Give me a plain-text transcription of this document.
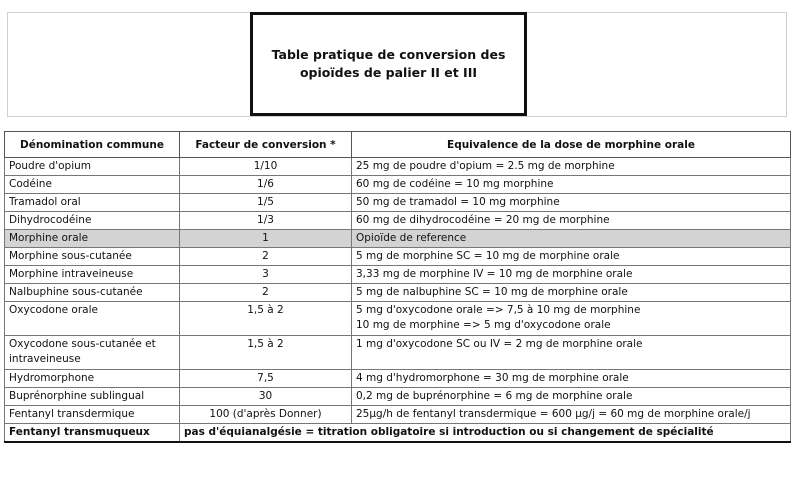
Table pratique de conversion des
opioïdes de palier II et III
Dénomination commune	Facteur de conversion *	Equivalence de la dose de morphine orale
Poudre d'opium	1/10	25 mg de poudre d'opium = 2.5 mg de morphine
Codéine	1/6	60 mg de codéine = 10 mg morphine
Tramadol oral	1/5	50 mg de tramadol = 10 mg morphine
Dihydrocodéine	1/3	60 mg de dihydrocodéine = 20 mg de morphine
Morphine orale	1	Opioïde de reference
Morphine sous-cutanée	2	5 mg de morphine SC = 10 mg de morphine orale
Morphine intraveineuse	3	3,33 mg de morphine IV = 10 mg de morphine orale
Nalbuphine sous-cutanée	2	5 mg de nalbuphine SC = 10 mg de morphine orale
Oxycodone orale	1,5 à 2	5 mg d'oxycodone orale => 7,5 à 10 mg de morphine
10 mg de morphine => 5 mg d'oxycodone orale

Oxycodone sous-cutanée et
intraveineuse	1,5 à 2	1 mg d'oxycodone SC ou IV = 2 mg de morphine orale
Hydromorphone	7,5	4 mg d'hydromorphone = 30 mg de morphine orale
Buprénorphine sublingual	30	0,2 mg de buprénorphine = 6 mg de morphine orale
Fentanyl transdermique	100 (d'après Donner)	25µg/h de fentanyl transdermique = 600 µg/j = 60 mg de morphine orale/j
Fentanyl transmuqueux	pas d'équianalgésie = titration obligatoire si introduction ou si changement de spécialité	
